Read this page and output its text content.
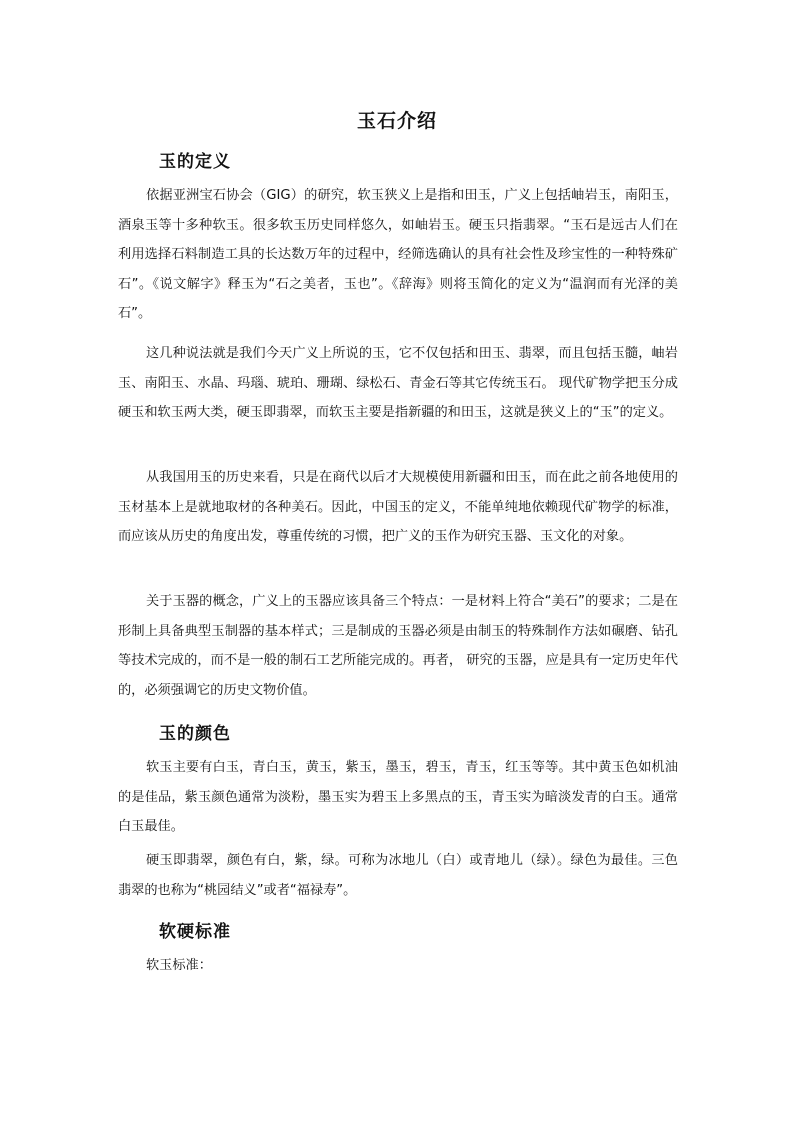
玉石介绍
玉的定义

依据亚洲宝石协会（GIG）的研究，软玉狭义上是指和田玉，广义上包括岫岩玉，南阳玉，酒泉玉等十多种软玉。很多软玉历史同样悠久，如岫岩玉。硬玉只指翡翠。“玉石是远古人们在利用选择石料制造工具的长达数万年的过程中，经筛选确认的具有社会性及珍宝性的一种特殊矿石”。《说文解字》释玉为“石之美者，玉也”。《辞海》则将玉简化的定义为“温润而有光泽的美石”。

这几种说法就是我们今天广义上所说的玉，它不仅包括和田玉、翡翠，而且包括玉髓，岫岩玉、南阳玉、水晶、玛瑙、琥珀、珊瑚、绿松石、青金石等其它传统玉石。 现代矿物学把玉分成硬玉和软玉两大类，硬玉即翡翠，而软玉主要是指新疆的和田玉，这就是狭义上的“玉”的定义。

从我国用玉的历史来看，只是在商代以后才大规模使用新疆和田玉，而在此之前各地使用的玉材基本上是就地取材的各种美石。因此，中国玉的定义，不能单纯地依赖现代矿物学的标准，而应该从历史的角度出发，尊重传统的习惯，把广义的玉作为研究玉器、玉文化的对象。

关于玉器的概念，广义上的玉器应该具备三个特点：一是材料上符合“美石”的要求；二是在形制上具备典型玉制器的基本样式；三是制成的玉器必须是由制玉的特殊制作方法如碾磨、钻孔等技术完成的，而不是一般的制石工艺所能完成的。再者， 研究的玉器，应是具有一定历史年代的，必须强调它的历史文物价值。

玉的颜色

软玉主要有白玉，青白玉，黄玉，紫玉，墨玉，碧玉，青玉，红玉等等。其中黄玉色如机油的是佳品，紫玉颜色通常为淡粉，墨玉实为碧玉上多黑点的玉，青玉实为暗淡发青的白玉。通常白玉最佳。

硬玉即翡翠，颜色有白，紫，绿。可称为冰地儿（白）或青地儿（绿）。绿色为最佳。三色翡翠的也称为“桃园结义”或者“福禄寿”。

软硬标准

软玉标准：
